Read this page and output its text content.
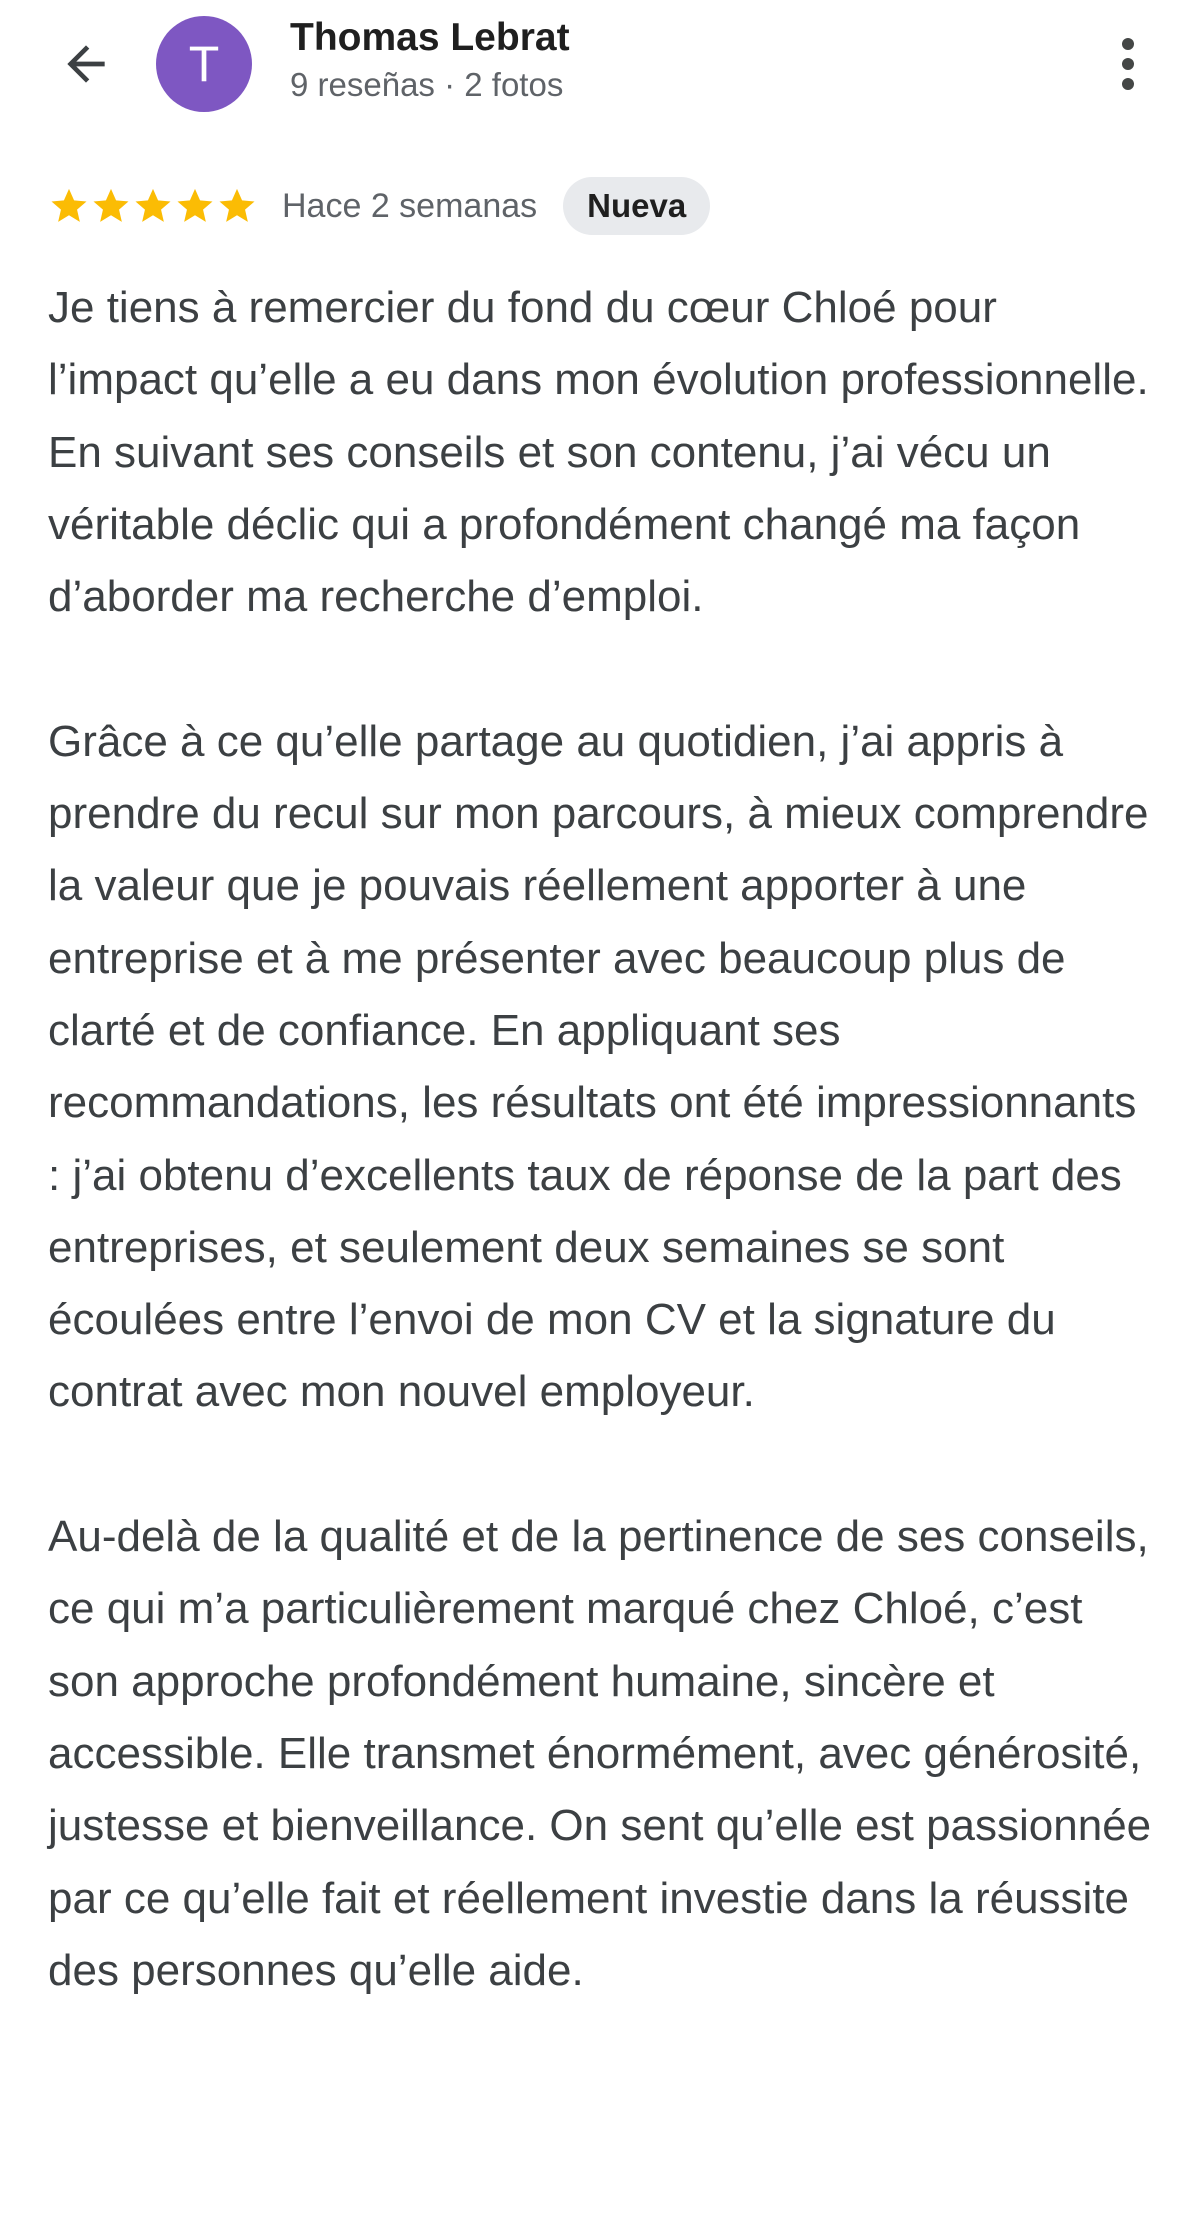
T Thomas Lebrat
9 reseñas · 2 fotos
Hace 2 semanas	Nueva

Je tiens à remercier du fond du cœur Chloé pour l’impact qu’elle a eu dans mon évolution professionnelle. En suivant ses conseils et son contenu, j’ai vécu un véritable déclic qui a profondément changé ma façon d’aborder ma recherche d’emploi.

Grâce à ce qu’elle partage au quotidien, j’ai appris à prendre du recul sur mon parcours, à mieux comprendre la valeur que je pouvais réellement apporter à une entreprise et à me présenter avec beaucoup plus de clarté et de confiance. En appliquant ses recommandations, les résultats ont été impressionnants : j’ai obtenu d’excellents taux de réponse de la part des entreprises, et seulement deux semaines se sont écoulées entre l’envoi de mon CV et la signature du contrat avec mon nouvel employeur.

Au-delà de la qualité et de la pertinence de ses conseils, ce qui m’a particulièrement marqué chez Chloé, c’est son approche profondément humaine, sincère et accessible. Elle transmet énormément, avec générosité, justesse et bienveillance. On sent qu’elle est passionnée par ce qu’elle fait et réellement investie dans la réussite des personnes qu’elle aide.
